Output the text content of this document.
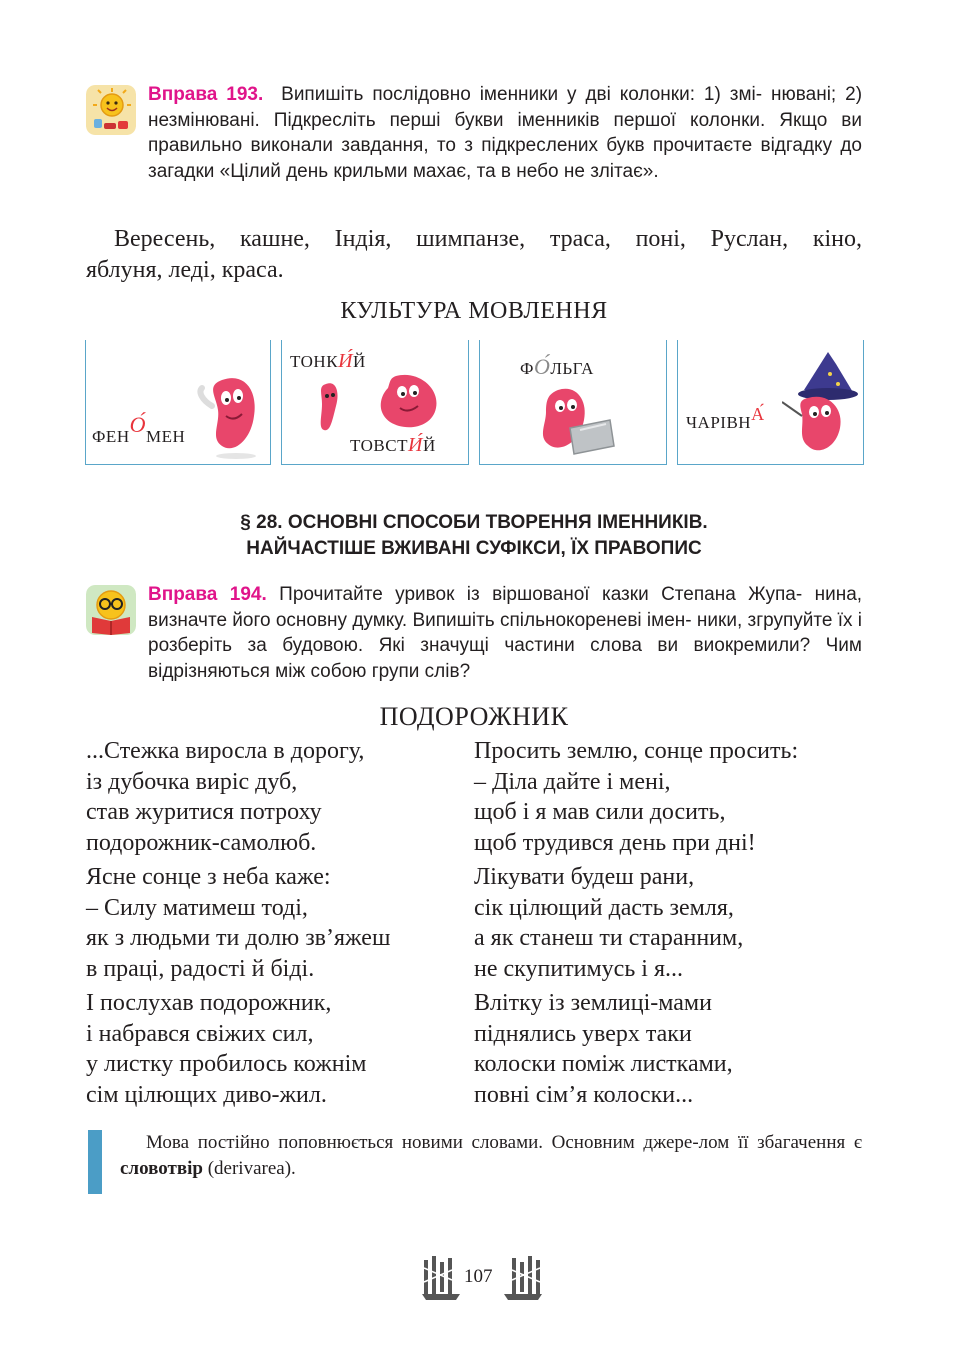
Вправа 193. Випишіть послідовно іменники у дві колонки: 1) змі- нювані; 2) незмінювані. Підкресліть перші букви іменників першої колонки. Якщо ви правильно виконали завдання, то з підкреслених букв прочитаєте відгадку до загадки «Цілий день крильми махає, та в небо не злітає».

Вересень, кашне, Індія, шимпанзе, траса, поні, Руслан, кіно,

яблуня, леді, краса.

КУЛЬТУРА МОВЛЕННЯ
ФЕНО́МЕН
ТОНКИ́Й
ТОВСТИ́Й
ФО́ЛЬГА
ЧАРІВНА́
§ 28. ОСНОВНІ СПОСОБИ ТВОРЕННЯ ІМЕННИКІВ.
НАЙЧАСТІШЕ ВЖИВАНІ СУФІКСИ, ЇХ ПРАВОПИС

Вправа 194. Прочитайте уривок із віршованої казки Степана Жупа- нина, визначте його основну думку. Випишіть спільнокореневі імен- ники, згрупуйте їх і розберіть за будовою. Які значущі частини слова ви виокремили? Чим відрізняються між собою групи слів?

ПОДОРОЖНИК
...Стежка виросла в дорогу,
із дубочка виріс дуб,
став журитися потроху
подорожник-самолюб.
Ясне сонце з неба каже:
– Силу матимеш тоді,
як з людьми ти долю зв’яжеш
в праці, радості й біді.
І послухав подорожник,
і набрався свіжих сил,
у листку пробилось кожнім
сім цілющих диво-жил.
Просить землю, сонце просить:
– Діла дайте і мені,
щоб і я мав сили досить,
щоб трудився день при дні!
Лікувати будеш рани,
сік цілющий дасть земля,
а як станеш ти старанним,
не скупитимусь і я...
Влітку із землиці-мами
піднялись уверх таки
колоски поміж листками,
повні сім’я колоски...

Мова постійно поповнюється новими словами. Основним джере-лом її збагачення є словотвір (derivarea).

107
